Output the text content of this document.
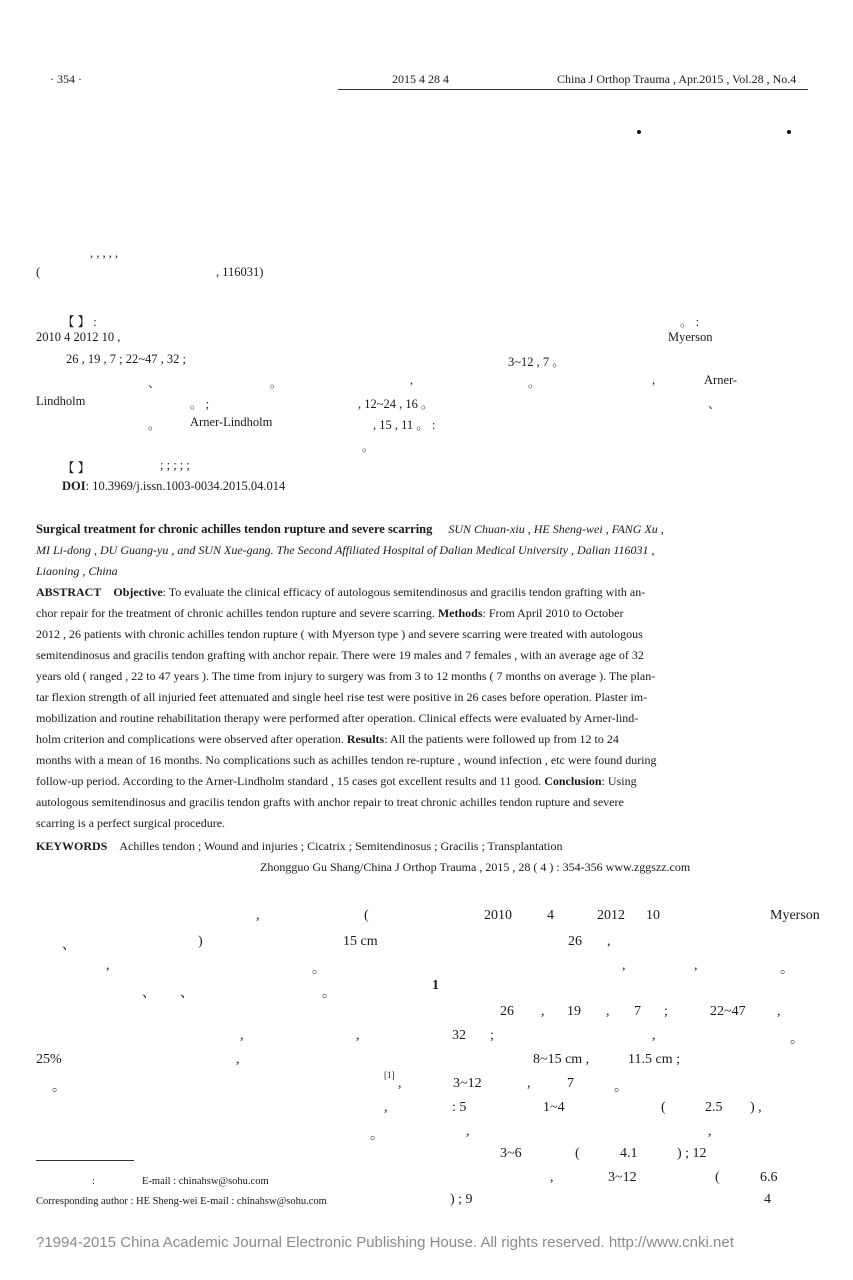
· 354 ·	2015 4 28 4	China J Orthop Trauma , Apr.2015 , Vol.28 , No.4
, , , , ,
(	, 116031)
【 】 :	。 :
2010 4 2012 10 ,	Myerson
26 , 19 , 7 ; 22~47 , 32 ;	3~12 , 7 。
、	。	,	。	,	Arner-
Lindholm	。 ;	, 12~24 , 16 。	、
。 Arner-Lindholm	, 15 , 11 。 :
。
【 】	; ; ; ; ;
DOI: 10.3969/j.issn.1003-0034.2015.04.014
Surgical treatment for chronic achilles tendon rupture and severe scarring SUN Chuan-xiu , HE Sheng-wei , FANG Xu ,
MI Li-dong , DU Guang-yu , and SUN Xue-gang. The Second Affiliated Hospital of Dalian Medical University , Dalian 116031 ,
Liaoning , China
ABSTRACT Objective: To evaluate the clinical efficacy of autologous semitendinosus and gracilis tendon grafting with an-
chor repair for the treatment of chronic achilles tendon rupture and severe scarring. Methods: From April 2010 to October
2012 , 26 patients with chronic achilles tendon rupture ( with Myerson type ) and severe scarring were treated with autologous
semitendinosus and gracilis tendon grafting with anchor repair. There were 19 males and 7 females , with an average age of 32
years old ( ranged , 22 to 47 years ). The time from injury to surgery was from 3 to 12 months ( 7 months on average ). The plan-
tar flexion strength of all injuried feet attenuated and single heel rise test were positive in 26 cases before operation. Plaster im-
mobilization and routine rehabilitation therapy were performed after operation. Clinical effects were evaluated by Arner-lind-
holm criterion and complications were observed after operation. Results: All the patients were followed up from 12 to 24
months with a mean of 16 months. No complications such as achilles tendon re-rupture , wound infection , etc were found during
follow-up period. According to the Arner-Lindholm standard , 15 cases got excellent results and 11 good. Conclusion: Using
autologous semitendinosus and gracilis tendon grafts with anchor repair to treat chronic achilles tendon rupture and severe
scarring is a perfect surgical procedure.
KEYWORDS Achilles tendon ; Wound and injuries ; Cicatrix ; Semitendinosus ; Gracilis ; Transplantation
Zhongguo Gu Shang/China J Orthop Trauma , 2015 , 28 ( 4 ) : 354-356 www.zggszz.com
,	(	2010	4	2012 10	Myerson
、	)	15 cm	26 ,
,	。	,	,	。
、 、	。
1
26 , 19 , 7 ;	22~47 ,
,	,	32 ;	,	。
25%	,	8~15 cm ,	11.5 cm ;
。
[1]
,	3~12	,	7	。
,	: 5	1~4	(	2.5 ) ,
。	,	,
3~6	(	4.1	) ; 12
,	3~12	(	6.6
) ; 9	4
:	E-mail : chinahsw@sohu.com
Corresponding author : HE Sheng-wei E-mail : chinahsw@sohu.com
?1994-2015 China Academic Journal Electronic Publishing House. All rights reserved. http://www.cnki.net
